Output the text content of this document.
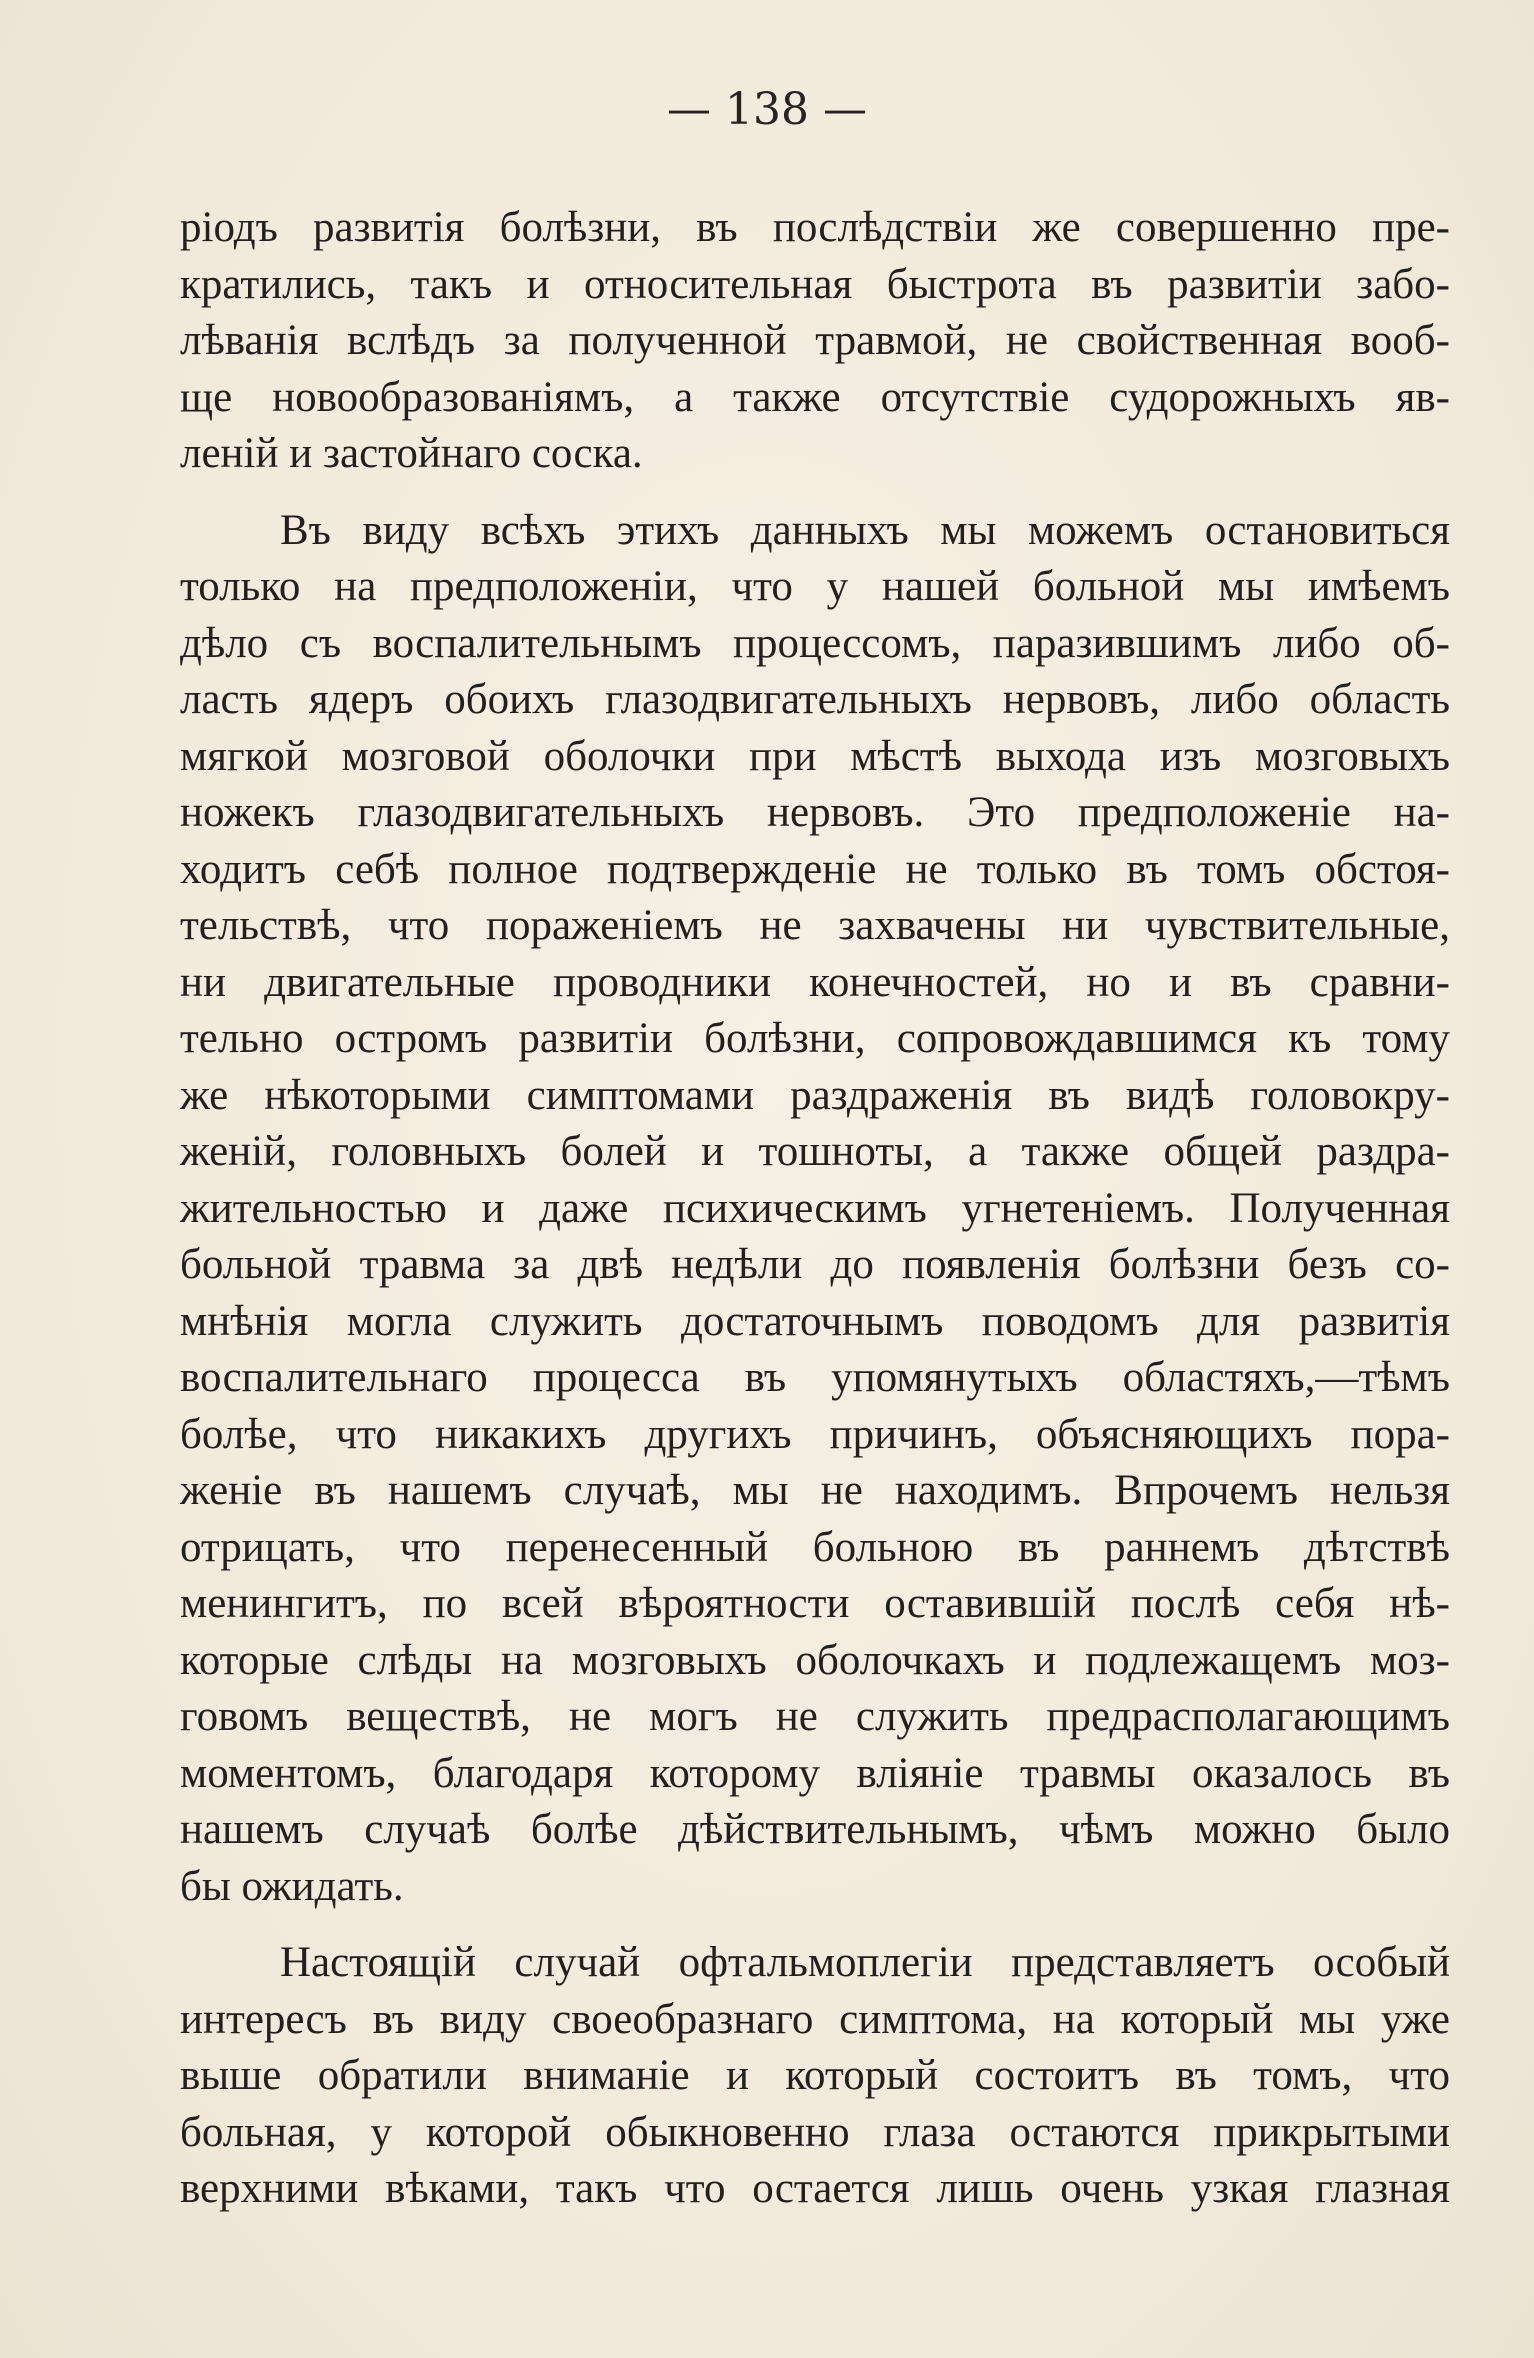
— 138 —
ріодъ развитія болѣзни, въ послѣдствіи же совершенно пре-
кратились, такъ и относительная быстрота въ развитіи забо-
лѣванія вслѣдъ за полученной травмой, не свойственная вооб-
ще новообразованіямъ, а также отсутствіе судорожныхъ яв-
леній и застойнаго соска.
Въ виду всѣхъ этихъ данныхъ мы можемъ остановиться
только на предположеніи, что у нашей больной мы имѣемъ
дѣло съ воспалительнымъ процессомъ, паразившимъ либо об-
ласть ядеръ обоихъ глазодвигательныхъ нервовъ, либо область
мягкой мозговой оболочки при мѣстѣ выхода изъ мозговыхъ
ножекъ глазодвигательныхъ нервовъ. Это предположеніе на-
ходитъ себѣ полное подтвержденіе не только въ томъ обстоя-
тельствѣ, что пораженіемъ не захвачены ни чувствительные,
ни двигательные проводники конечностей, но и въ сравни-
тельно остромъ развитіи болѣзни, сопровождавшимся къ тому
же нѣкоторыми симптомами раздраженія въ видѣ головокру-
женій, головныхъ болей и тошноты, а также общей раздра-
жительностью и даже психическимъ угнетеніемъ. Полученная
больной травма за двѣ недѣли до появленія болѣзни безъ со-
мнѣнія могла служить достаточнымъ поводомъ для развитія
воспалительнаго процесса въ упомянутыхъ областяхъ,—тѣмъ
болѣе, что никакихъ другихъ причинъ, объясняющихъ пора-
женіе въ нашемъ случаѣ, мы не находимъ. Впрочемъ нельзя
отрицать, что перенесенный больною въ раннемъ дѣтствѣ
менингитъ, по всей вѣроятности оставившій послѣ себя нѣ-
которые слѣды на мозговыхъ оболочкахъ и подлежащемъ моз-
говомъ веществѣ, не могъ не служить предрасполагающимъ
моментомъ, благодаря которому вліяніе травмы оказалось въ
нашемъ случаѣ болѣе дѣйствительнымъ, чѣмъ можно было
бы ожидать.
Настоящій случай офтальмоплегіи представляетъ особый
интересъ въ виду своеобразнаго симптома, на который мы уже
выше обратили вниманіе и который состоитъ въ томъ, что
больная, у которой обыкновенно глаза остаются прикрытыми
верхними вѣками, такъ что остается лишь очень узкая глазная
